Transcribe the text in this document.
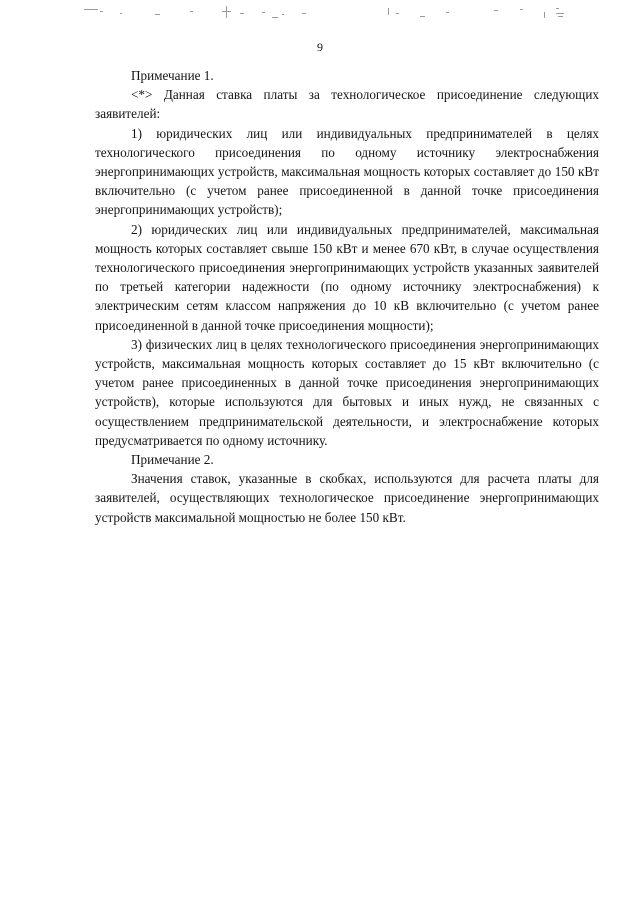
9

Примечание 1.

<*> Данная ставка платы за технологическое присоединение следующих заявителей:

1) юридических лиц или индивидуальных предпринимателей в целях технологического присоединения по одному источнику электроснабжения энергопринимающих устройств, максимальная мощность которых составляет до 150 кВт включительно (с учетом ранее присоединенной в данной точке присоединения энергопринимающих устройств);

2) юридических лиц или индивидуальных предпринимателей, максимальная мощность которых составляет свыше 150 кВт и менее 670 кВт, в случае осуществления технологического присоединения энергопринимающих устройств указанных заявителей по третьей категории надежности (по одному источнику электроснабжения) к электрическим сетям классом напряжения до 10 кВ включительно (с учетом ранее присоединенной в данной точке присоединения мощности);

3) физических лиц в целях технологического присоединения энергопринимающих устройств, максимальная мощность которых составляет до 15 кВт включительно (с учетом ранее присоединенных в данной точке присоединения энергопринимающих устройств), которые используются для бытовых и иных нужд, не связанных с осуществлением предпринимательской деятельности, и электроснабжение которых предусматривается по одному источнику.

Примечание 2.

Значения ставок, указанные в скобках, используются для расчета платы для заявителей, осуществляющих технологическое присоединение энергопринимающих устройств максимальной мощностью не более 150 кВт.
